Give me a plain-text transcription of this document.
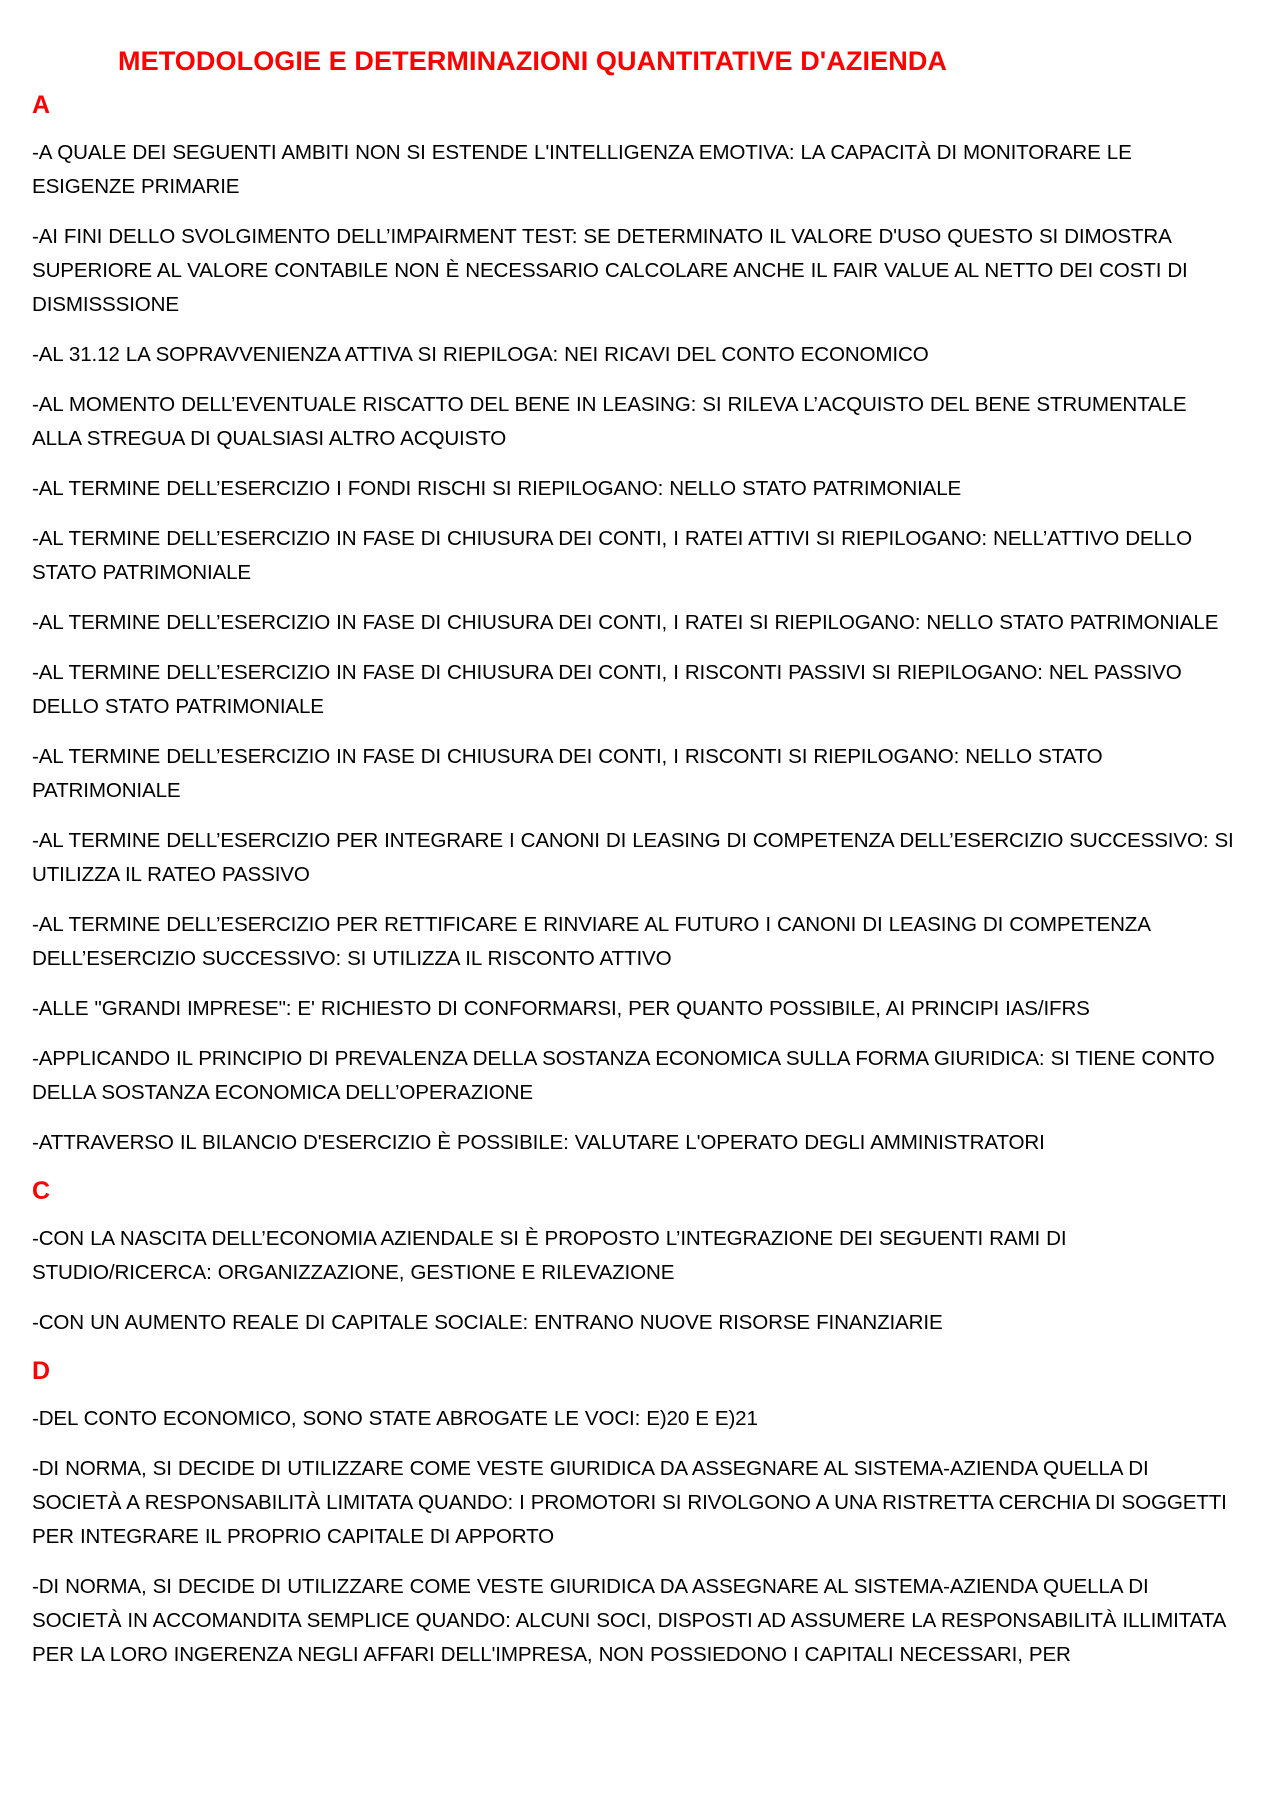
METODOLOGIE E DETERMINAZIONI QUANTITATIVE D'AZIENDA
A
-A QUALE DEI SEGUENTI AMBITI NON SI ESTENDE L'INTELLIGENZA EMOTIVA: LA CAPACITÀ DI MONITORARE LE ESIGENZE PRIMARIE
-AI FINI DELLO SVOLGIMENTO DELL’IMPAIRMENT TEST: SE DETERMINATO IL VALORE D'USO QUESTO SI DIMOSTRA SUPERIORE AL VALORE CONTABILE NON È NECESSARIO CALCOLARE ANCHE IL FAIR VALUE AL NETTO DEI COSTI DI DISMISSSIONE
-AL 31.12 LA SOPRAVVENIENZA ATTIVA SI RIEPILOGA: NEI RICAVI DEL CONTO ECONOMICO
-AL MOMENTO DELL’EVENTUALE RISCATTO DEL BENE IN LEASING: SI RILEVA L’ACQUISTO DEL BENE STRUMENTALE ALLA STREGUA DI QUALSIASI ALTRO ACQUISTO
-AL TERMINE DELL’ESERCIZIO I FONDI RISCHI SI RIEPILOGANO: NELLO STATO PATRIMONIALE
-AL TERMINE DELL’ESERCIZIO IN FASE DI CHIUSURA DEI CONTI, I RATEI ATTIVI SI RIEPILOGANO: NELL’ATTIVO DELLO STATO PATRIMONIALE
-AL TERMINE DELL’ESERCIZIO IN FASE DI CHIUSURA DEI CONTI, I RATEI SI RIEPILOGANO: NELLO STATO PATRIMONIALE
-AL TERMINE DELL’ESERCIZIO IN FASE DI CHIUSURA DEI CONTI, I RISCONTI PASSIVI SI RIEPILOGANO: NEL PASSIVO DELLO STATO PATRIMONIALE
-AL TERMINE DELL’ESERCIZIO IN FASE DI CHIUSURA DEI CONTI, I RISCONTI SI RIEPILOGANO: NELLO STATO PATRIMONIALE
-AL TERMINE DELL’ESERCIZIO PER INTEGRARE I CANONI DI LEASING DI COMPETENZA DELL’ESERCIZIO SUCCESSIVO: SI UTILIZZA IL RATEO PASSIVO
-AL TERMINE DELL’ESERCIZIO PER RETTIFICARE E RINVIARE AL FUTURO I CANONI DI LEASING DI COMPETENZA DELL’ESERCIZIO SUCCESSIVO: SI UTILIZZA IL RISCONTO ATTIVO
-ALLE "GRANDI IMPRESE": E' RICHIESTO DI CONFORMARSI, PER QUANTO POSSIBILE, AI PRINCIPI IAS/IFRS
-APPLICANDO IL PRINCIPIO DI PREVALENZA DELLA SOSTANZA ECONOMICA SULLA FORMA GIURIDICA: SI TIENE CONTO DELLA SOSTANZA ECONOMICA DELL’OPERAZIONE
-ATTRAVERSO IL BILANCIO D'ESERCIZIO È POSSIBILE: VALUTARE L'OPERATO DEGLI AMMINISTRATORI
C
-CON LA NASCITA DELL’ECONOMIA AZIENDALE SI È PROPOSTO L’INTEGRAZIONE DEI SEGUENTI RAMI DI STUDIO/RICERCA: ORGANIZZAZIONE, GESTIONE E RILEVAZIONE
-CON UN AUMENTO REALE DI CAPITALE SOCIALE: ENTRANO NUOVE RISORSE FINANZIARIE
D
-DEL CONTO ECONOMICO, SONO STATE ABROGATE LE VOCI: E)20 E E)21
-DI NORMA, SI DECIDE DI UTILIZZARE COME VESTE GIURIDICA DA ASSEGNARE AL SISTEMA-AZIENDA QUELLA DI SOCIETÀ A RESPONSABILITÀ LIMITATA QUANDO: I PROMOTORI SI RIVOLGONO A UNA RISTRETTA CERCHIA DI SOGGETTI PER INTEGRARE IL PROPRIO CAPITALE DI APPORTO
-DI NORMA, SI DECIDE DI UTILIZZARE COME VESTE GIURIDICA DA ASSEGNARE AL SISTEMA-AZIENDA QUELLA DI SOCIETÀ IN ACCOMANDITA SEMPLICE QUANDO: ALCUNI SOCI, DISPOSTI AD ASSUMERE LA RESPONSABILITÀ ILLIMITATA PER LA LORO INGERENZA NEGLI AFFARI DELL'IMPRESA, NON POSSIEDONO I CAPITALI NECESSARI, PER
